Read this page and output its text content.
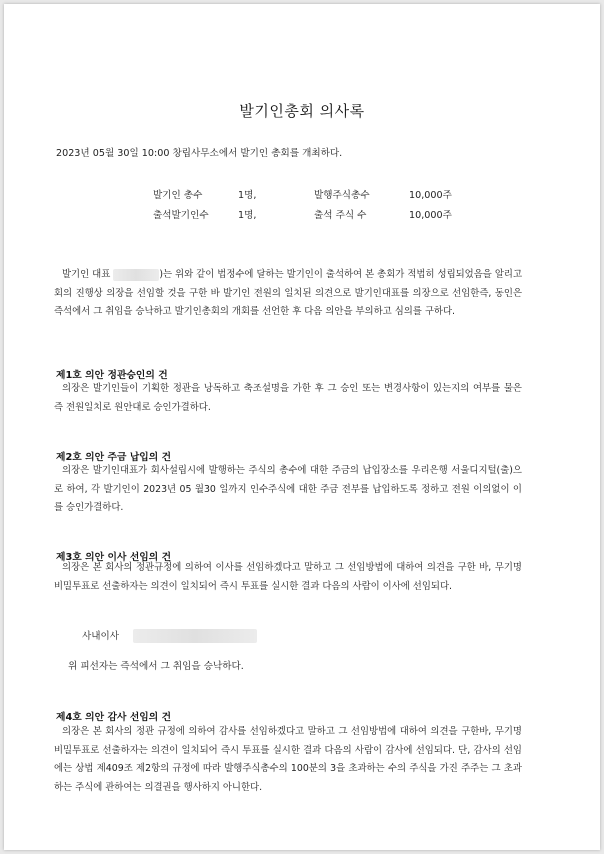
발기인총회 의사록
2023년 05월 30일 10:00 창립사무소에서 발기인 총회를 개최하다.
발기인 총수	1명,	발행주식총수	10,000주
출석발기인수	1명,	출석 주식 수	10,000주
발기인 대표	)는 위와 같이 법정수에 달하는 발기인이 출석하여 본 총회가 적법히 성립되었음을 알리고 회의 진행상 의장을 선임할 것을 구한 바 발기인 전원의 일치된 의견으로 발기인대표를 의장으로 선임한즉, 동인은 즉석에서 그 취임을 승낙하고 발기인총회의 개회를 선언한 후 다음 의안을 부의하고 심의를 구하다.
제1호 의안 정관승인의 건
의장은 발기인들이 기획한 정관을 낭독하고 축조설명을 가한 후 그 승인 또는 변경사항이 있는지의 여부를 물은 즉 전원일치로 원안대로 승인가결하다.
제2호 의안 주금 납입의 건
의장은 발기인대표가 회사설립시에 발행하는 주식의 총수에 대한 주금의 납입장소를 우리은행 서울디지털(출)으로 하여, 각 발기인이 2023년 05 월30 일까지 인수주식에 대한 주금 전부를 납입하도록 정하고 전원 이의없이 이를 승인가결하다.
제3호 의안 이사 선임의 건
의장은 본 회사의 정관규정에 의하여 이사를 선임하겠다고 말하고 그 선임방법에 대하여 의견을 구한 바, 무기명 비밀투표로 선출하자는 의견이 일치되어 즉시 투표를 실시한 결과 다음의 사람이 이사에 선임되다.
사내이사
위 피선자는 즉석에서 그 취임을 승낙하다.
제4호 의안 감사 선임의 건
의장은 본 회사의 정관 규정에 의하여 감사를 선임하겠다고 말하고 그 선임방법에 대하여 의견을 구한바, 무기명 비밀투표로 선출하자는 의견이 일치되어 즉시 투표를 실시한 결과 다음의 사람이 감사에 선임되다. 단, 감사의 선임에는 상법 제409조 제2항의 규정에 따라 발행주식총수의 100분의 3을 초과하는 수의 주식을 가진 주주는 그 초과하는 주식에 관하여는 의결권을 행사하지 아니한다.
